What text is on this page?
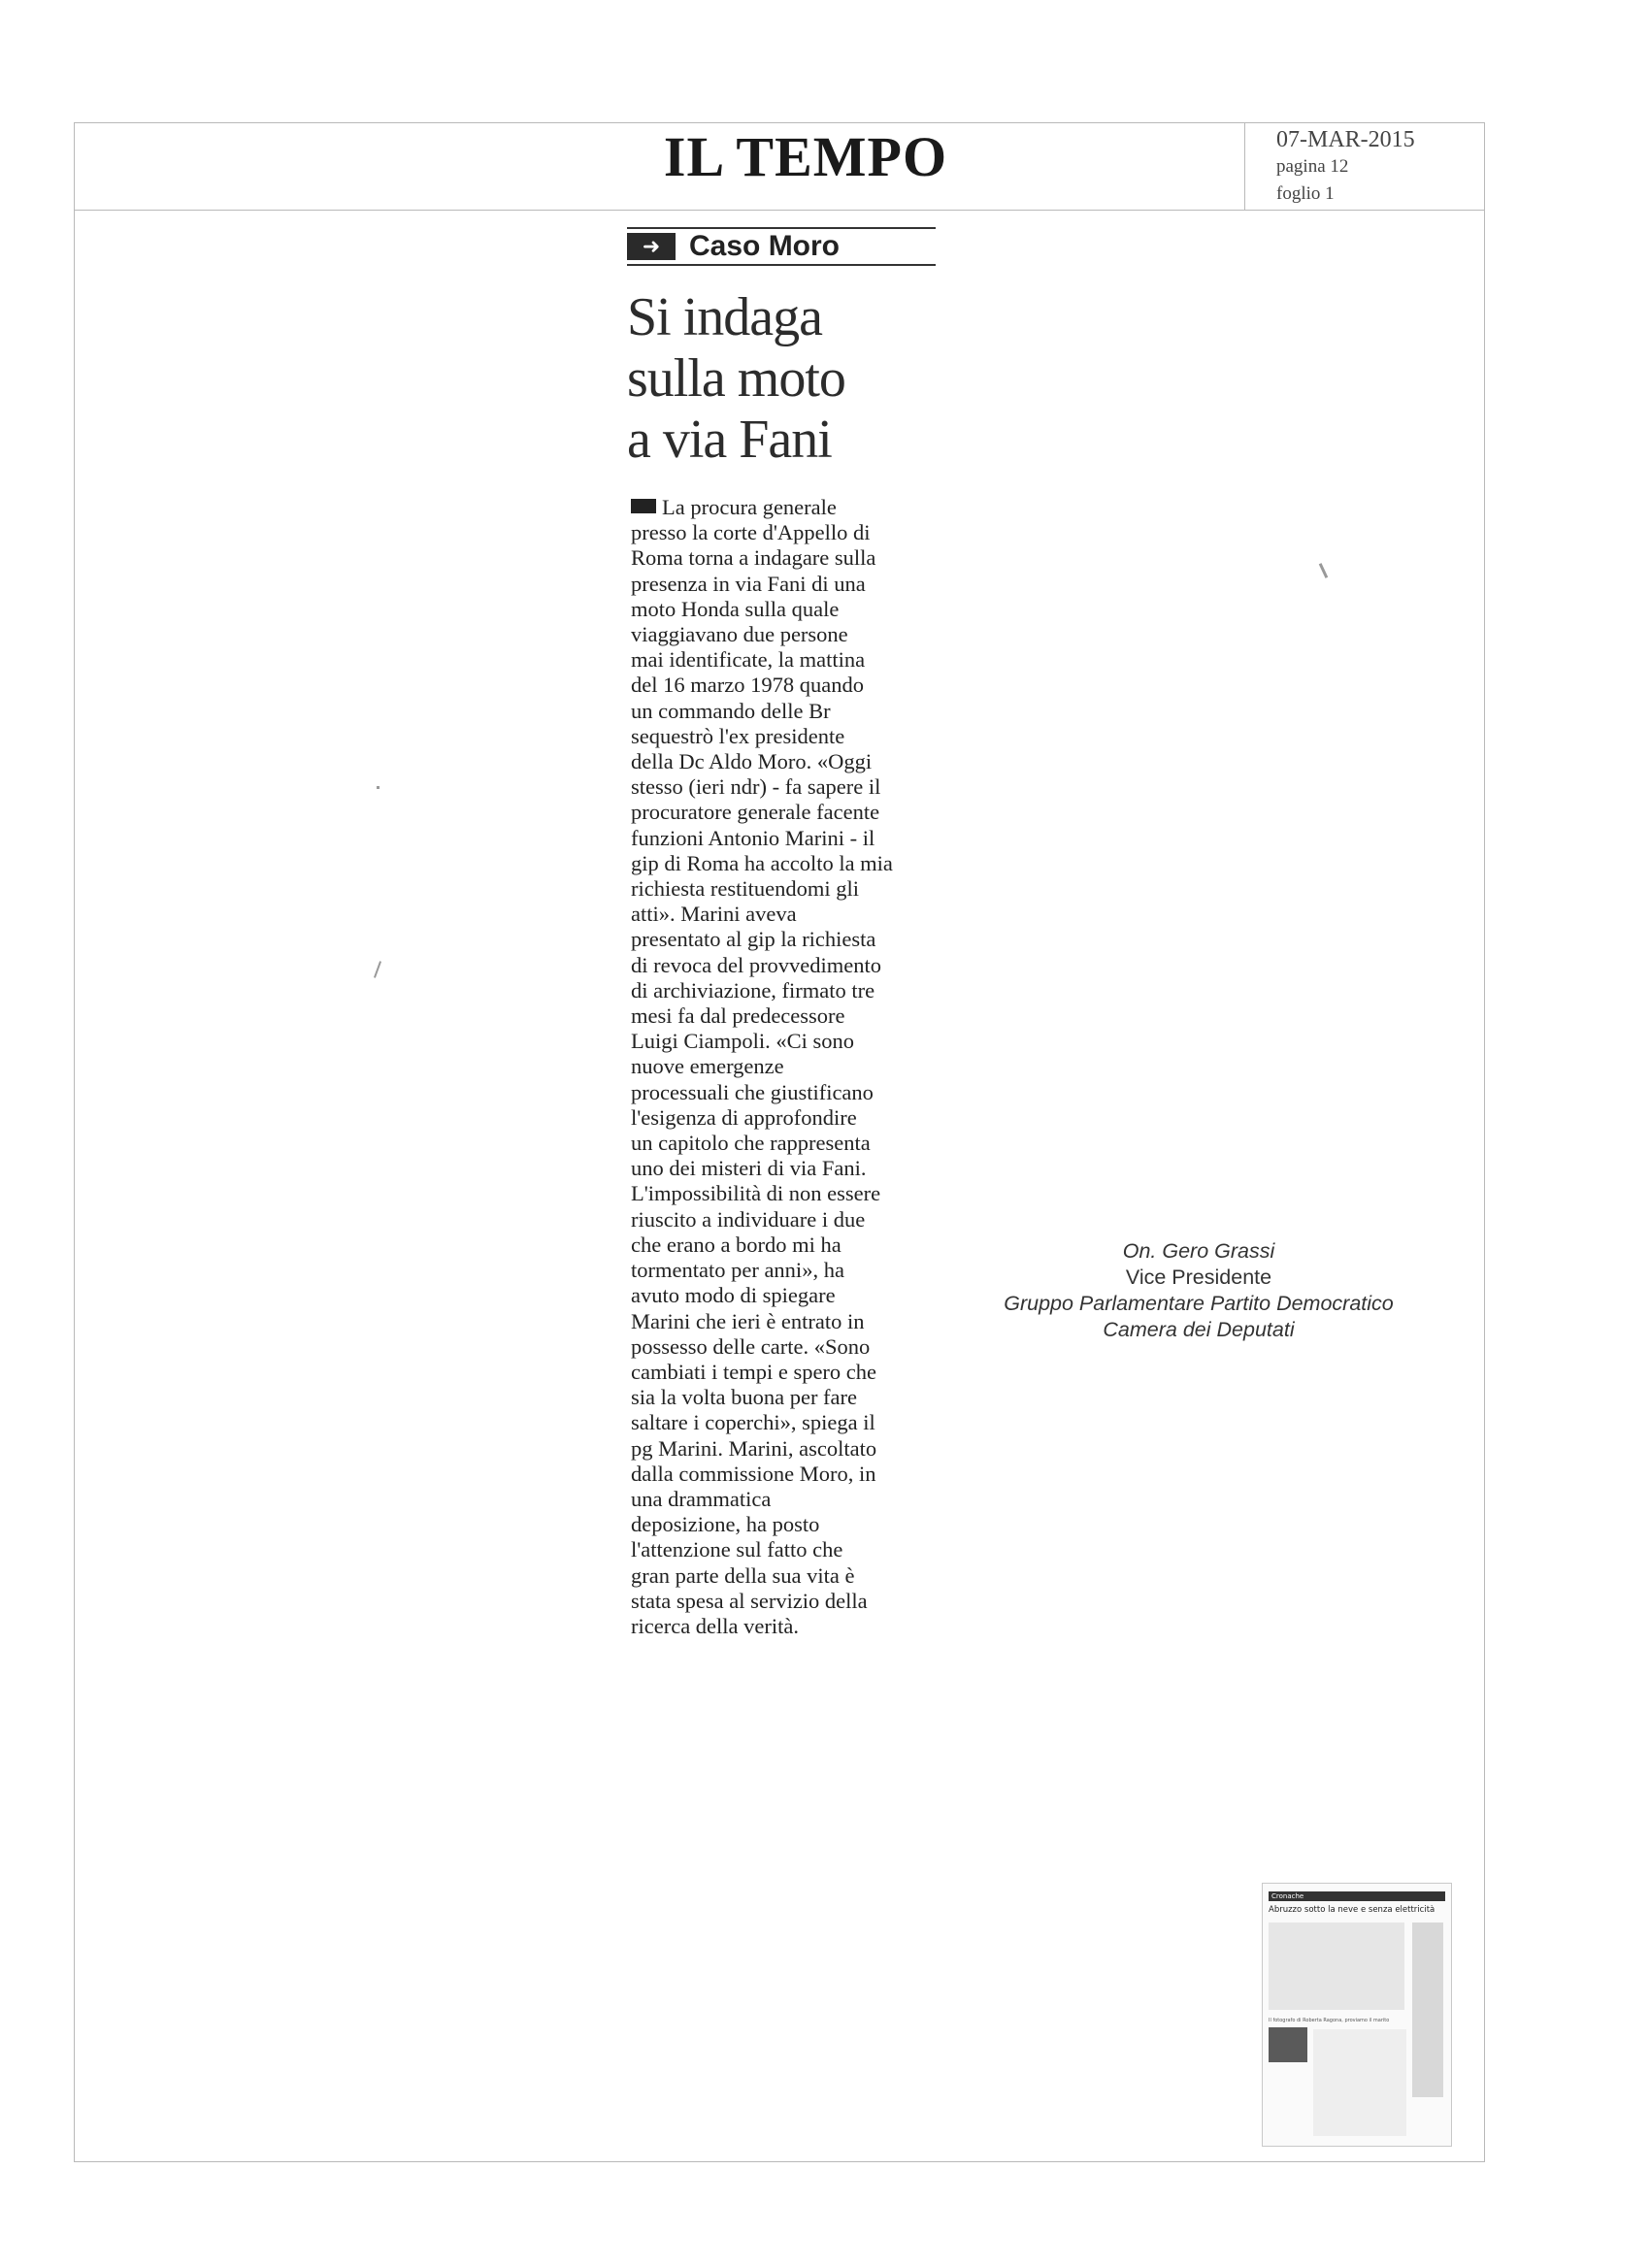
IL TEMPO	07-MAR-2015
pagina 12
foglio 1
➜ Caso Moro
Si indaga
sulla moto
a via Fani
La procura generale
presso la corte d'Appello di
Roma torna a indagare sulla
presenza in via Fani di una
moto Honda sulla quale
viaggiavano due persone
mai identificate, la mattina
del 16 marzo 1978 quando
un commando delle Br
sequestrò l'ex presidente
della Dc Aldo Moro. «Oggi
stesso (ieri ndr) - fa sapere il
procuratore generale facente
funzioni Antonio Marini - il
gip di Roma ha accolto la mia
richiesta restituendomi gli
atti». Marini aveva
presentato al gip la richiesta
di revoca del provvedimento
di archiviazione, firmato tre
mesi fa dal predecessore
Luigi Ciampoli. «Ci sono
nuove emergenze
processuali che giustificano
l'esigenza di approfondire
un capitolo che rappresenta
uno dei misteri di via Fani.
L'impossibilità di non essere
riuscito a individuare i due
che erano a bordo mi ha
tormentato per anni», ha
avuto modo di spiegare
Marini che ieri è entrato in
possesso delle carte. «Sono
cambiati i tempi e spero che
sia la volta buona per fare
saltare i coperchi», spiega il
pg Marini. Marini, ascoltato
dalla commissione Moro, in
una drammatica
deposizione, ha posto
l'attenzione sul fatto che
gran parte della sua vita è
stata spesa al servizio della
ricerca della verità.
On. Gero Grassi
Vice Presidente
Gruppo Parlamentare Partito Democratico
Camera dei Deputati
Cronache
Abruzzo sotto la neve e senza elettricità
Il fotografo di Roberta Ragona, proviamo il marito
